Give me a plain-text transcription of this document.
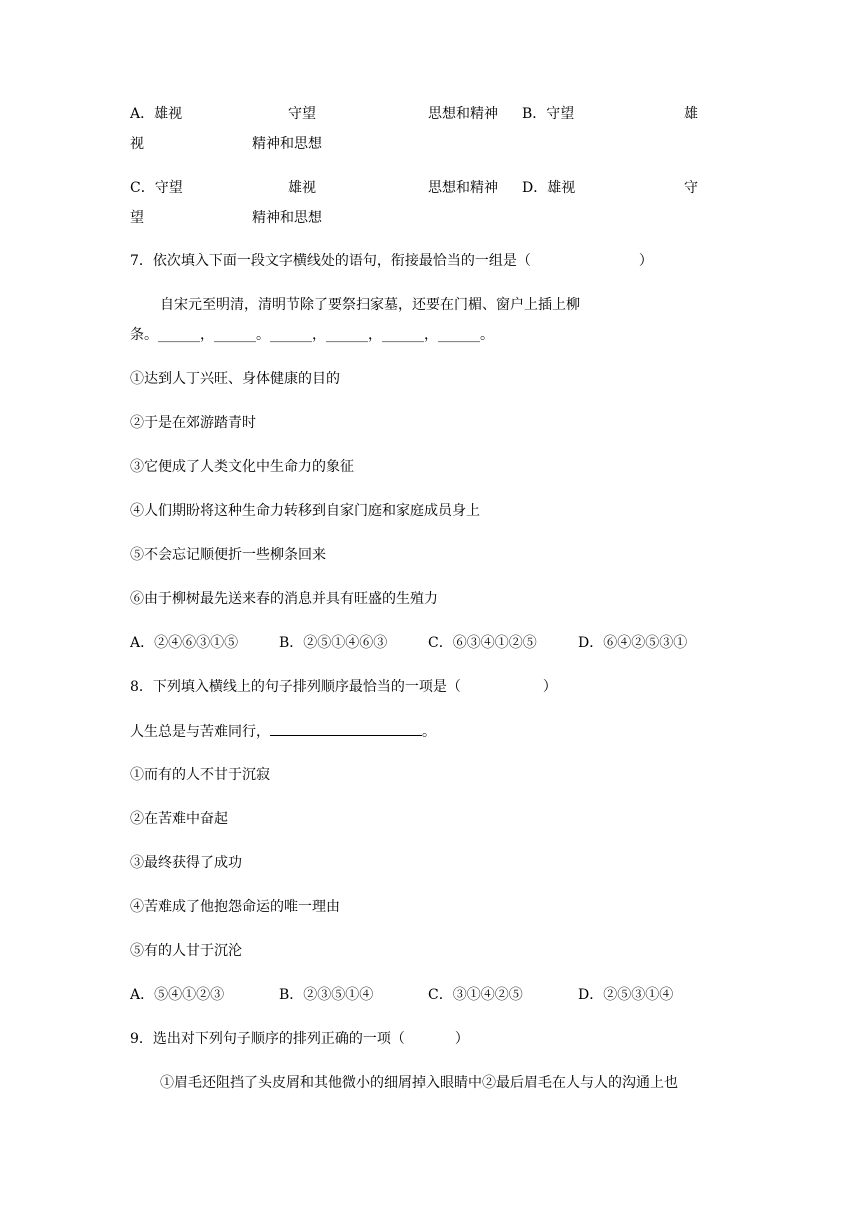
A．雄视	守望	思想和精神 B．守望	雄
视	精神和思想
C．守望	雄视	思想和精神 D．雄视	守
望	精神和思想
7．依次填入下面一段文字横线处的语句，衔接最恰当的一组是（	）
自宋元至明清，清明节除了要祭扫家墓，还要在门楣、窗户上插上柳
条。______，______。______，______，______，______。
①达到人丁兴旺、身体健康的目的
②于是在郊游踏青时
③它便成了人类文化中生命力的象征
④人们期盼将这种生命力转移到自家门庭和家庭成员身上
⑤不会忘记顺便折一些柳条回来
⑥由于柳树最先送来春的消息并具有旺盛的生殖力
A．②④⑥③①⑤	B．②⑤①④⑥③	C．⑥③④①②⑤	D．⑥④②⑤③①
8．下列填入横线上的句子排列顺序最恰当的一项是（	）
人生总是与苦难同行，	。
①而有的人不甘于沉寂
②在苦难中奋起
③最终获得了成功
④苦难成了他抱怨命运的唯一理由
⑤有的人甘于沉沦
A．⑤④①②③	B．②③⑤①④	C．③①④②⑤	D．②⑤③①④
9．选出对下列句子顺序的排列正确的一项（	）
①眉毛还阻挡了头皮屑和其他微小的细屑掉入眼睛中②最后眉毛在人与人的沟通上也
